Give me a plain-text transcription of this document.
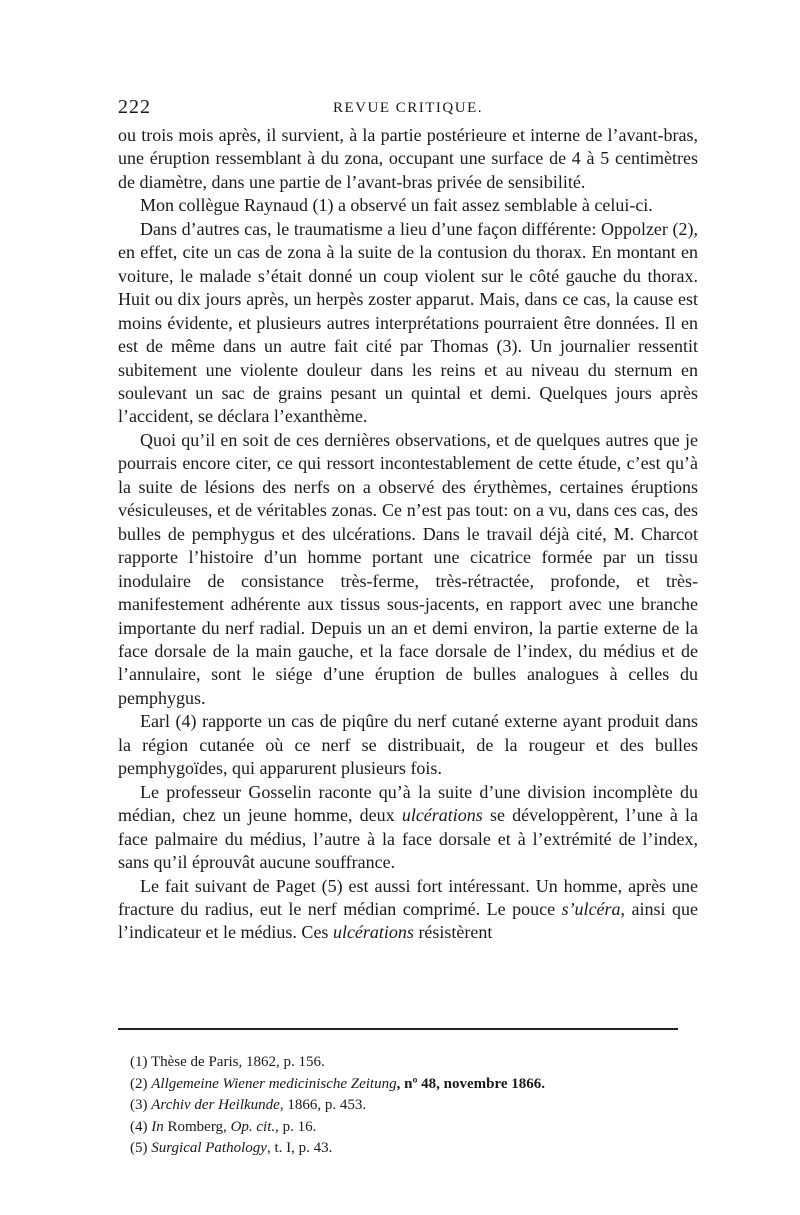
222	REVUE CRITIQUE.

ou trois mois après, il survient, à la partie postérieure et interne de l’avant-bras, une éruption ressemblant à du zona, occupant une surface de 4 à 5 centimètres de diamètre, dans une partie de l’avant-bras privée de sensibilité.

Mon collègue Raynaud (1) a observé un fait assez semblable à celui-ci.

Dans d’autres cas, le traumatisme a lieu d’une façon différente: Oppolzer (2), en effet, cite un cas de zona à la suite de la contusion du thorax. En montant en voiture, le malade s’était donné un coup violent sur le côté gauche du thorax. Huit ou dix jours après, un herpès zoster apparut. Mais, dans ce cas, la cause est moins évidente, et plusieurs autres interprétations pourraient être données. Il en est de même dans un autre fait cité par Thomas (3). Un journalier ressentit subitement une violente douleur dans les reins et au niveau du sternum en soulevant un sac de grains pesant un quintal et demi. Quelques jours après l’accident, se déclara l’exanthème.

Quoi qu’il en soit de ces dernières observations, et de quelques autres que je pourrais encore citer, ce qui ressort incontestablement de cette étude, c’est qu’à la suite de lésions des nerfs on a observé des érythèmes, certaines éruptions vésiculeuses, et de véritables zonas. Ce n’est pas tout: on a vu, dans ces cas, des bulles de pemphygus et des ulcérations. Dans le travail déjà cité, M. Charcot rapporte l’histoire d’un homme portant une cicatrice formée par un tissu inodulaire de consistance très-ferme, très-rétractée, profonde, et très-manifestement adhérente aux tissus sous-jacents, en rapport avec une branche importante du nerf radial. Depuis un an et demi environ, la partie externe de la face dorsale de la main gauche, et la face dorsale de l’index, du médius et de l’annulaire, sont le siége d’une éruption de bulles analogues à celles du pemphygus.

Earl (4) rapporte un cas de piqûre du nerf cutané externe ayant produit dans la région cutanée où ce nerf se distribuait, de la rougeur et des bulles pemphygoïdes, qui apparurent plusieurs fois.

Le professeur Gosselin raconte qu’à la suite d’une division incomplète du médian, chez un jeune homme, deux ulcérations se développèrent, l’une à la face palmaire du médius, l’autre à la face dorsale et à l’extrémité de l’index, sans qu’il éprouvât aucune souffrance.

Le fait suivant de Paget (5) est aussi fort intéressant. Un homme, après une fracture du radius, eut le nerf médian comprimé. Le pouce s’ulcéra, ainsi que l’indicateur et le médius. Ces ulcérations résistèrent

(1) Thèse de Paris, 1862, p. 156.
(2) Allgemeine Wiener medicinische Zeitung, nº 48, novembre 1866.
(3) Archiv der Heilkunde, 1866, p. 453.
(4) In Romberg, Op. cit., p. 16.
(5) Surgical Pathology, t. I, p. 43.
